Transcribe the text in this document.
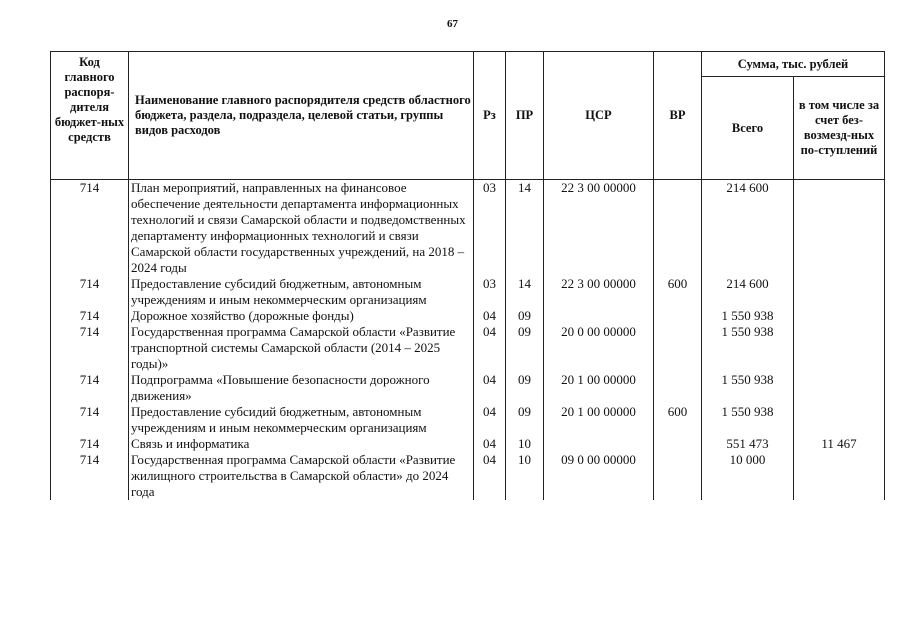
67
Код главного распоря-дителя бюджет-ных средств	Наименование главного распорядителя средств областного бюджета, раздела, подраздела, целевой статьи, группы видов расходов	Рз	ПР	ЦСР	ВР	Сумма, тыс. рублей	
						Всего	в том числе за счет без-возмезд-ных по-ступлений
714	План мероприятий, направленных на финансовое обеспечение деятельности департамента информационных технологий и связи Самарской области и подведомственных департаменту информационных технологий и связи Самарской области государственных учреждений, на 2018 – 2024 годы	03	14	22 3 00 00000		214 600	
714	Предоставление субсидий бюджетным, автономным учреждениям и иным некоммерческим организациям	03	14	22 3 00 00000	600	214 600	
714	Дорожное хозяйство (дорожные фонды)	04	09			1 550 938	
714	Государственная программа Самарской области «Развитие транспортной системы Самарской области (2014 – 2025 годы)»	04	09	20 0 00 00000		1 550 938	
714	Подпрограмма «Повышение безопасности дорожного движения»	04	09	20 1 00 00000		1 550 938	
714	Предоставление субсидий бюджетным, автономным учреждениям и иным некоммерческим организациям	04	09	20 1 00 00000	600	1 550 938	
714	Связь и информатика	04	10			551 473	11 467
714	Государственная программа Самарской области «Развитие жилищного строительства в Самарской области» до 2024 года	04	10	09 0 00 00000		10 000	
